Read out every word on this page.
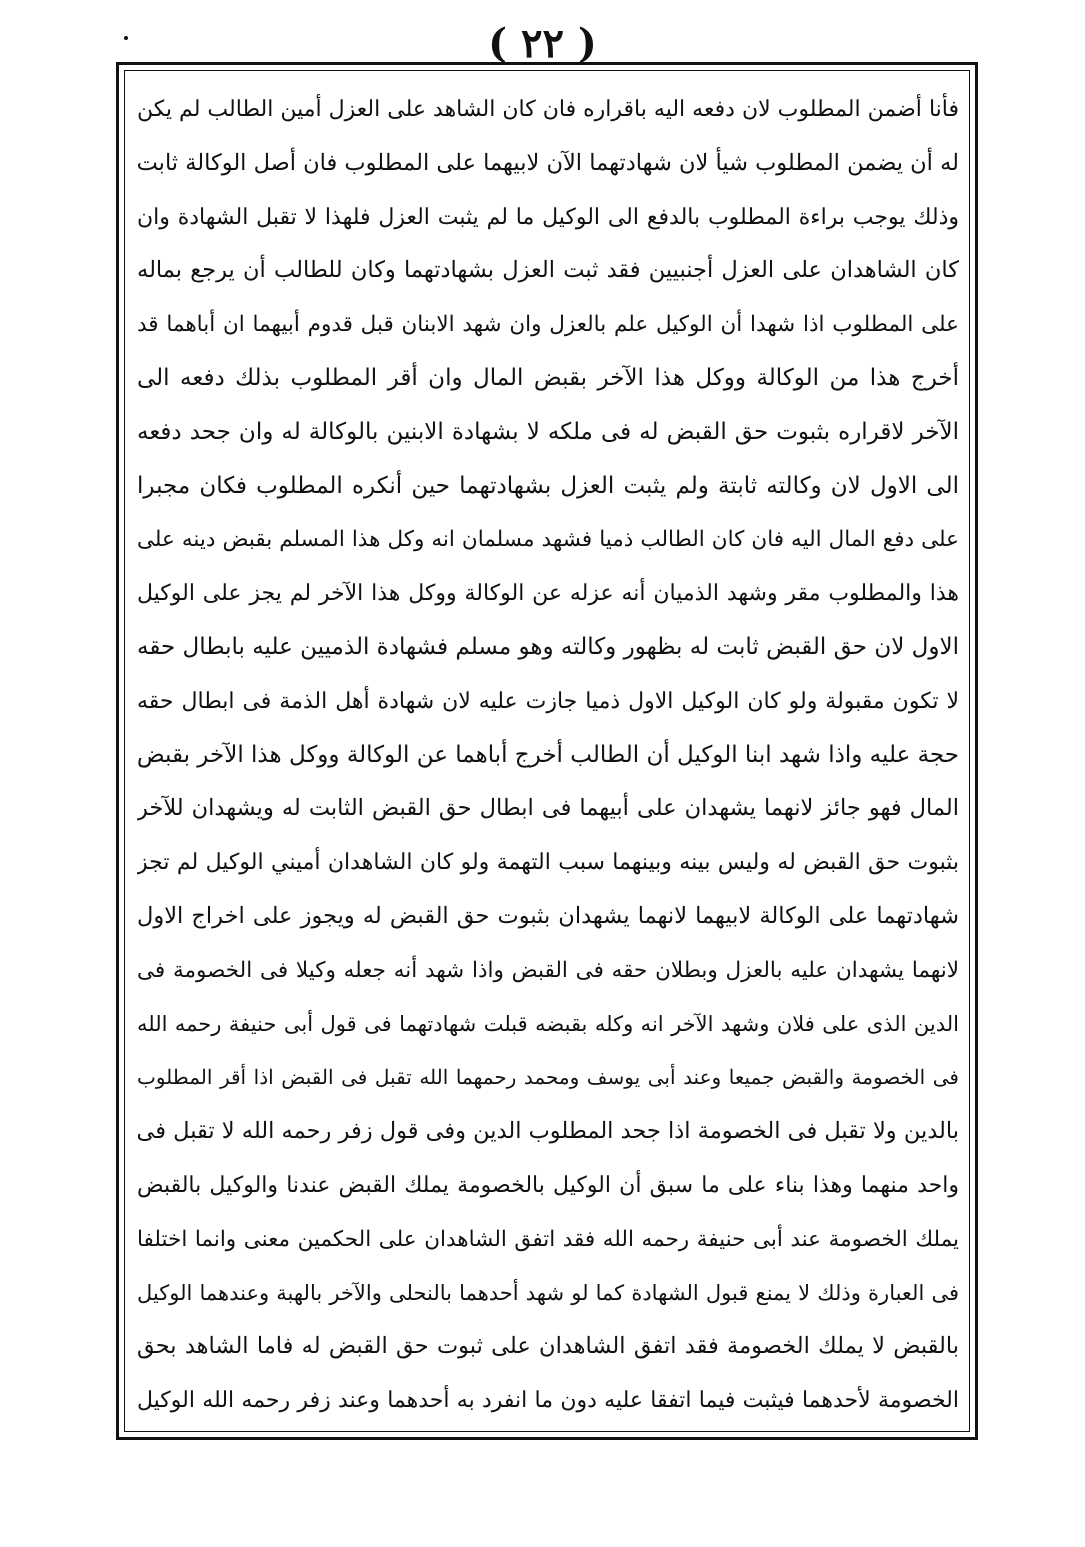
( ٢٢ )
فأنا أضمن المطلوب لان دفعه اليه باقراره فان كان الشاهد على العزل أمين الطالب لم يكن
له أن يضمن المطلوب شيأ لان شهادتهما الآن لابيهما على المطلوب فان أصل الوكالة ثابت
وذلك يوجب براءة المطلوب بالدفع الى الوكيل ما لم يثبت العزل فلهذا لا تقبل الشهادة وان
كان الشاهدان على العزل أجنبيين فقد ثبت العزل بشهادتهما وكان للطالب أن يرجع بماله
على المطلوب اذا شهدا أن الوكيل علم بالعزل وان شهد الابنان قبل قدوم أبيهما ان أباهما قد
أخرج هذا من الوكالة ووكل هذا الآخر بقبض المال وان أقر المطلوب بذلك دفعه الى
الآخر لاقراره بثبوت حق القبض له فى ملكه لا بشهادة الابنين بالوكالة له وان جحد دفعه
الى الاول لان وكالته ثابتة ولم يثبت العزل بشهادتهما حين أنكره المطلوب فكان مجبرا
على دفع المال اليه فان كان الطالب ذميا فشهد مسلمان انه وكل هذا المسلم بقبض دينه على
هذا والمطلوب مقر وشهد الذميان أنه عزله عن الوكالة ووكل هذا الآخر لم يجز على الوكيل
الاول لان حق القبض ثابت له بظهور وكالته وهو مسلم فشهادة الذميين عليه بابطال حقه
لا تكون مقبولة ولو كان الوكيل الاول ذميا جازت عليه لان شهادة أهل الذمة فى ابطال حقه
حجة عليه واذا شهد ابنا الوكيل أن الطالب أخرج أباهما عن الوكالة ووكل هذا الآخر بقبض
المال فهو جائز لانهما يشهدان على أبيهما فى ابطال حق القبض الثابت له ويشهدان للآخر
بثبوت حق القبض له وليس بينه وبينهما سبب التهمة ولو كان الشاهدان أميني الوكيل لم تجز
شهادتهما على الوكالة لابيهما لانهما يشهدان بثبوت حق القبض له ويجوز على اخراج الاول
لانهما يشهدان عليه بالعزل وبطلان حقه فى القبض واذا شهد أنه جعله وكيلا فى الخصومة فى
الدين الذى على فلان وشهد الآخر انه وكله بقبضه قبلت شهادتهما فى قول أبى حنيفة رحمه الله
فى الخصومة والقبض جميعا وعند أبى يوسف ومحمد رحمهما الله تقبل فى القبض اذا أقر المطلوب
بالدين ولا تقبل فى الخصومة اذا جحد المطلوب الدين وفى قول زفر رحمه الله لا تقبل فى
واحد منهما وهذا بناء على ما سبق أن الوكيل بالخصومة يملك القبض عندنا والوكيل بالقبض
يملك الخصومة عند أبى حنيفة رحمه الله فقد اتفق الشاهدان على الحكمين معنى وانما اختلفا
فى العبارة وذلك لا يمنع قبول الشهادة كما لو شهد أحدهما بالنحلى والآخر بالهبة وعندهما الوكيل
بالقبض لا يملك الخصومة فقد اتفق الشاهدان على ثبوت حق القبض له فاما الشاهد بحق
الخصومة لأحدهما فيثبت فيما اتفقا عليه دون ما انفرد به أحدهما وعند زفر رحمه الله الوكيل
